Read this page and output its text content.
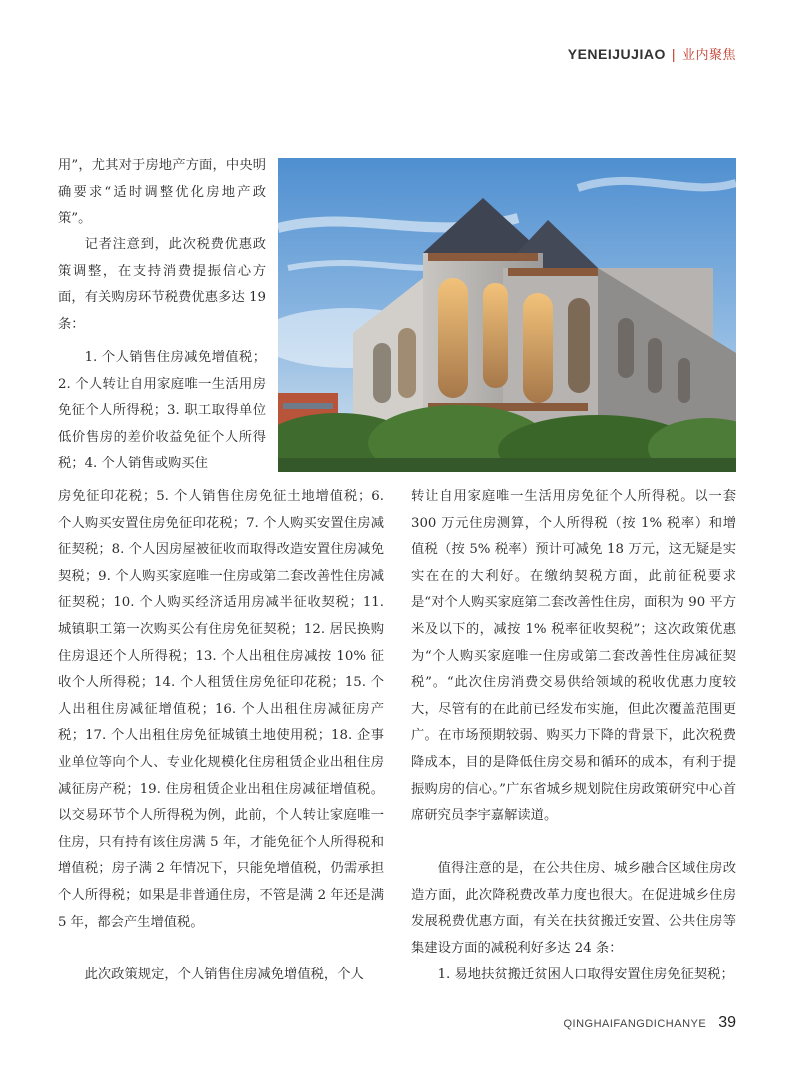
YENEIJUJIAO | 业内聚焦

用”，尤其对于房地产方面，中央明确要求“适时调整优化房地产政策”。

记者注意到，此次税费优惠政策调整，在支持消费提振信心方面，有关购房环节税费优惠多达 19 条：

1. 个人销售住房减免增值税；2. 个人转让自用家庭唯一生活用房免征个人所得税；3. 职工取得单位低价售房的差价收益免征个人所得税；4. 个人销售或购买住

房免征印花税；5. 个人销售住房免征土地增值税；6. 个人购买安置住房免征印花税；7. 个人购买安置住房减征契税；8. 个人因房屋被征收而取得改造安置住房减免契税；9. 个人购买家庭唯一住房或第二套改善性住房减征契税；10. 个人购买经济适用房减半征收契税；11. 城镇职工第一次购买公有住房免征契税；12. 居民换购住房退还个人所得税；13. 个人出租住房减按 10% 征收个人所得税；14. 个人租赁住房免征印花税；15. 个人出租住房减征增值税；16. 个人出租住房减征房产税；17. 个人出租住房免征城镇土地使用税；18. 企事业单位等向个人、专业化规模化住房租赁企业出租住房减征房产税；19. 住房租赁企业出租住房减征增值税。以交易环节个人所得税为例，此前，个人转让家庭唯一住房，只有持有该住房满 5 年，才能免征个人所得税和增值税；房子满 2 年情况下，只能免增值税，仍需承担个人所得税；如果是非普通住房，不管是满 2 年还是满 5 年，都会产生增值税。

此次政策规定，个人销售住房减免增值税，个人

转让自用家庭唯一生活用房免征个人所得税。以一套 300 万元住房测算，个人所得税（按 1% 税率）和增值税（按 5% 税率）预计可减免 18 万元，这无疑是实实在在的大利好。在缴纳契税方面，此前征税要求是“对个人购买家庭第二套改善性住房，面积为 90 平方米及以下的，减按 1% 税率征收契税”；这次政策优惠为“个人购买家庭唯一住房或第二套改善性住房减征契税”。“此次住房消费交易供给领域的税收优惠力度较大，尽管有的在此前已经发布实施，但此次覆盖范围更广。在市场预期较弱、购买力下降的背景下，此次税费降成本，目的是降低住房交易和循环的成本，有利于提振购房的信心。”广东省城乡规划院住房政策研究中心首席研究员李宇嘉解读道。

值得注意的是，在公共住房、城乡融合区域住房改造方面，此次降税费改革力度也很大。在促进城乡住房发展税费优惠方面，有关在扶贫搬迁安置、公共住房等集建设方面的减税利好多达 24 条：

1. 易地扶贫搬迁贫困人口取得安置住房免征契税；

QINGHAIFANGDICHANYE 39
